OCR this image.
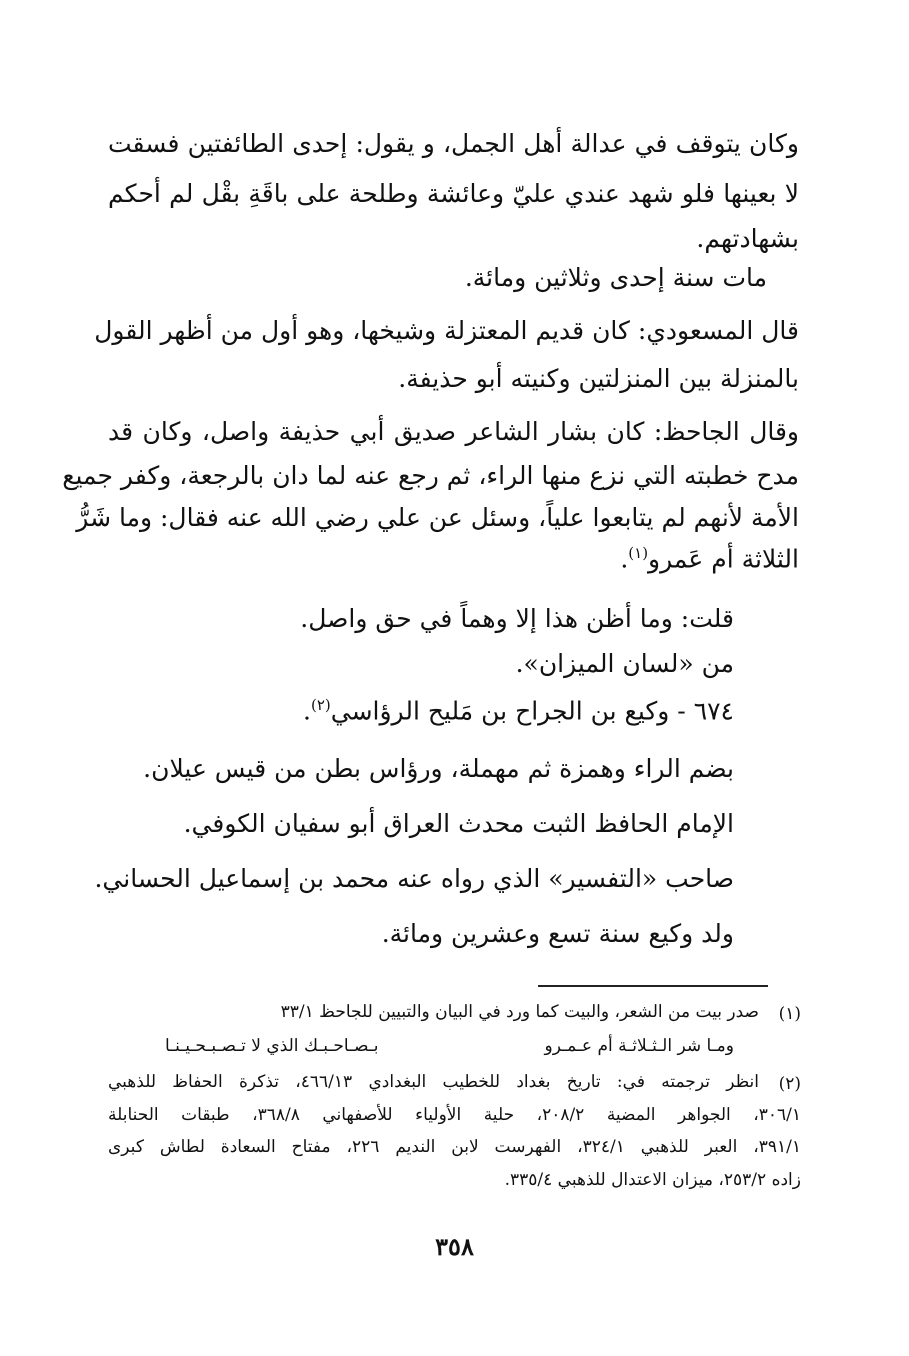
وكان يتوقف في عدالة أهل الجمل، و يقول: إحدى الطائفتين فسقت

لا بعينها فلو شهد عندي عليّ وعائشة وطلحة على باقَةِ بقْل لم أحكم

بشهادتهم.

مات سنة إحدى وثلاثين ومائة.

قال المسعودي: كان قديم المعتزلة وشيخها، وهو أول من أظهر القول

بالمنزلة بين المنزلتين وكنيته أبو حذيفة.

وقال الجاحظ: كان بشار الشاعر صديق أبي حذيفة واصل، وكان قد

مدح خطبته التي نزع منها الراء، ثم رجع عنه لما دان بالرجعة، وكفر جميع

الأمة لأنهم لم يتابعوا علياً، وسئل عن علي رضي الله عنه فقال: وما شَرُّ

الثلاثة أم عَمرو$^{(١)}$.

قلت: وما أظن هذا إلا وهماً في حق واصل.

من «لسان الميزان».

٦٧٤ - وكيع بن الجراح بن مَليح الرؤاسي$^{(٢)}$.

بضم الراء وهمزة ثم مهملة، ورؤاس بطن من قيس عيلان.

الإمام الحافظ الثبت محدث العراق أبو سفيان الكوفي.

صاحب «التفسير» الذي رواه عنه محمد بن إسماعيل الحساني.

ولد وكيع سنة تسع وعشرين ومائة.

(١)

صدر بيت من الشعر، والبيت كما ورد في البيان والتبيين للجاحظ ٣٣/١

ومـا شر الـثـلاثـة أم عـمـرو
بـصـاحـبـك الذي لا تـصـبـحـيـنـا
(٢)

انظر ترجمته في: تاريخ بغداد للخطيب البغدادي ٤٦٦/١٣، تذكرة الحفاظ للذهبي

٣٠٦/١، الجواهر المضية ٢٠٨/٢، حلية الأولياء للأصفهاني ٣٦٨/٨، طبقات الحنابلة

٣٩١/١، العبر للذهبي ٣٢٤/١، الفهرست لابن النديم ٢٢٦، مفتاح السعادة لطاش كبرى

زاده ٢٥٣/٢، ميزان الاعتدال للذهبي ٣٣٥/٤.

٣٥٨
